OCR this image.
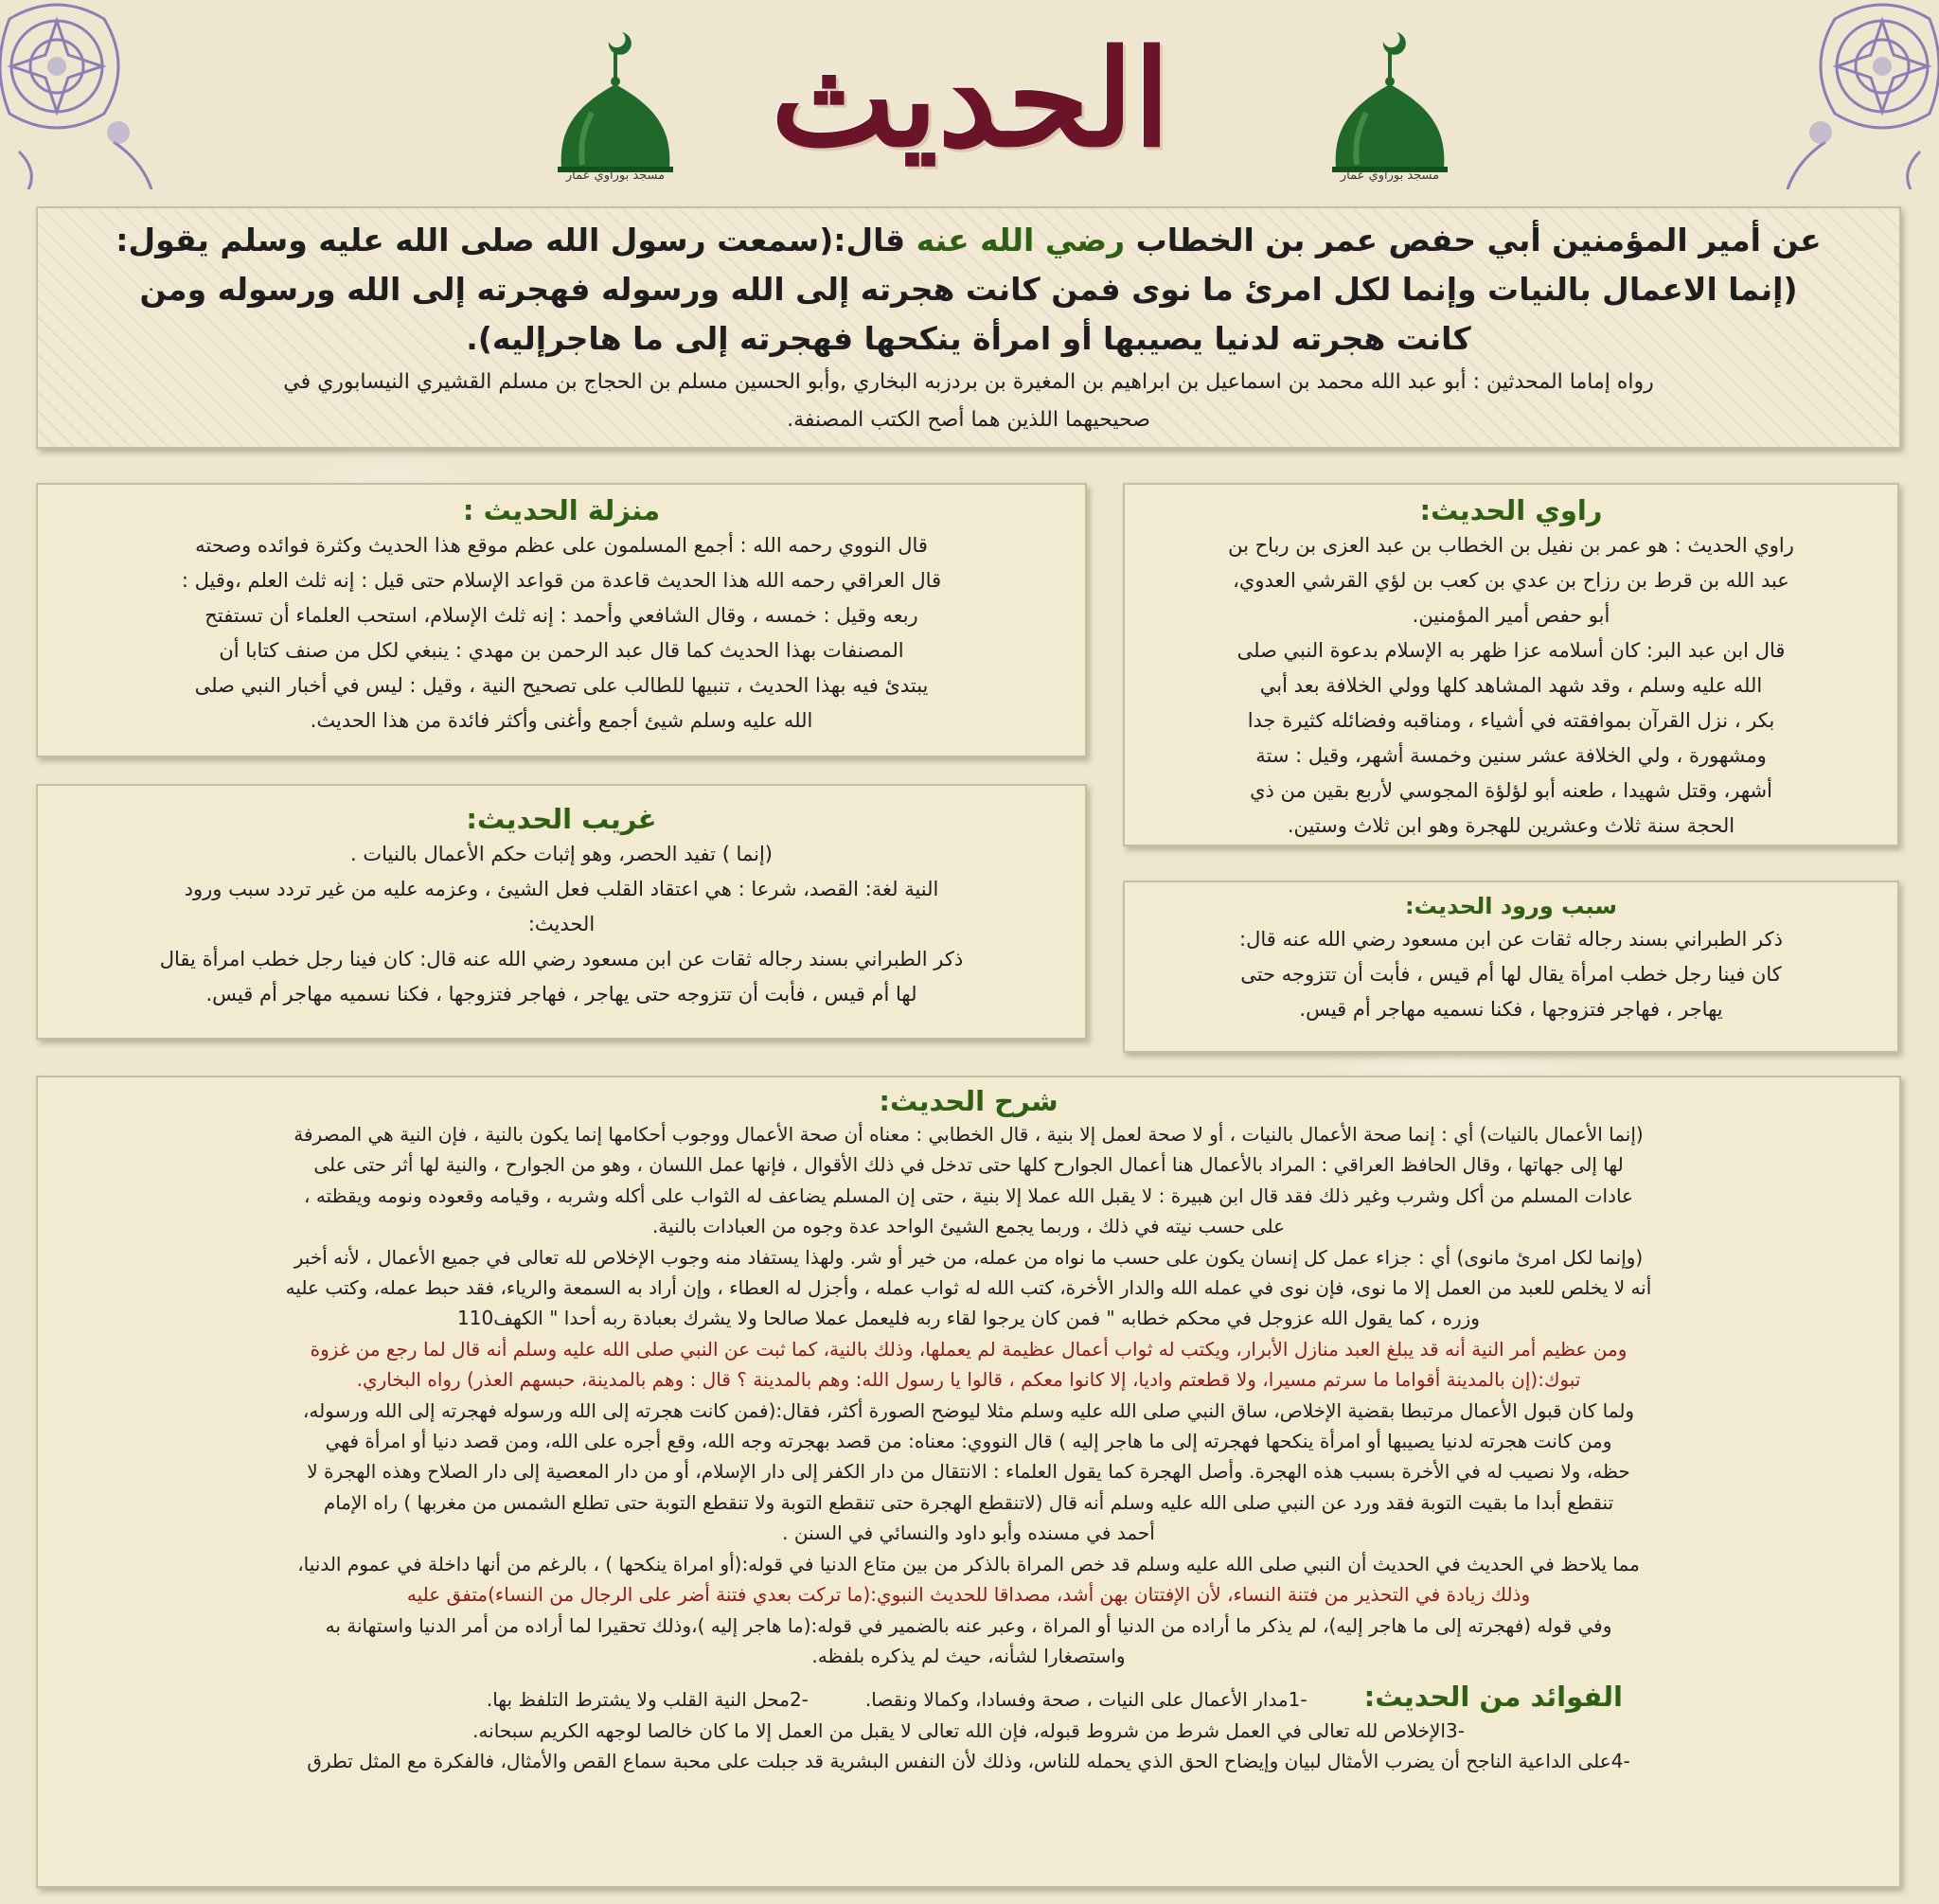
مسجد بوراوي عمار	مسجد بوراوي عمار
الحديث

عن أمير المؤمنين أبي حفص عمر بن الخطاب رضي الله عنه قال:(سمعت رسول الله صلى الله عليه وسلم يقول:

(إنما الاعمال بالنيات وإنما لكل امرئ ما نوى فمن كانت هجرته إلى الله ورسوله فهجرته إلى الله ورسوله ومن

كانت هجرته لدنيا يصيبها أو امرأة ينكحها فهجرته إلى ما هاجرإليه).

رواه إماما المحدثين : أبو عبد الله محمد بن اسماعيل بن ابراهيم بن المغيرة بن بردزبه البخاري ,وأبو الحسين مسلم بن الحجاج بن مسلم القشيري النيسابوري في

صحيحيهما اللذين هما أصح الكتب المصنفة.

راوي الحديث:

راوي الحديث : هو عمر بن نفيل بن الخطاب بن عبد العزى بن رباح بن

عبد الله بن قرط بن رزاح بن عدي بن كعب بن لؤي القرشي العدوي،

أبو حفص أمير المؤمنين.

قال ابن عبد البر: كان أسلامه عزا ظهر به الإسلام بدعوة النبي صلى

الله عليه وسلم ، وقد شهد المشاهد كلها وولي الخلافة بعد أبي

بكر ، نزل القرآن بموافقته في أشياء ، ومناقبه وفضائله كثيرة جدا

ومشهورة ، ولي الخلافة عشر سنين وخمسة أشهر، وقيل : ستة

أشهر، وقتل شهيدا ، طعنه أبو لؤلؤة المجوسي لأربع بقين من ذي

الحجة سنة ثلاث وعشرين للهجرة وهو ابن ثلاث وستين.

منزلة الحديث :

قال النووي رحمه الله : أجمع المسلمون على عظم موقع هذا الحديث وكثرة فوائده وصحته

قال العراقي رحمه الله هذا الحديث قاعدة من قواعد الإسلام حتى قيل : إنه ثلث العلم ،وقيل :

ربعه وقيل : خمسه ، وقال الشافعي وأحمد : إنه ثلث الإسلام، استحب العلماء أن تستفتح

المصنفات بهذا الحديث كما قال عبد الرحمن بن مهدي : ينبغي لكل من صنف كتابا أن

يبتدئ فيه بهذا الحديث ، تنبيها للطالب على تصحيح النية ، وقيل : ليس في أخبار النبي صلى

الله عليه وسلم شيئ أجمع وأغنى وأكثر فائدة من هذا الحديث.

غريب الحديث:

(إنما ) تفيد الحصر، وهو إثبات حكم الأعمال بالنيات .

النية لغة: القصد، شرعا : هي اعتقاد القلب فعل الشيئ ، وعزمه عليه من غير تردد سبب ورود

الحديث:

ذكر الطبراني بسند رجاله ثقات عن ابن مسعود رضي الله عنه قال: كان فينا رجل خطب امرأة يقال

لها أم قيس ، فأبت أن تتزوجه حتى يهاجر ، فهاجر فتزوجها ، فكنا نسميه مهاجر أم قيس.

سبب ورود الحديث:

ذكر الطبراني بسند رجاله ثقات عن ابن مسعود رضي الله عنه قال:

كان فينا رجل خطب امرأة يقال لها أم قيس ، فأبت أن تتزوجه حتى

يهاجر ، فهاجر فتزوجها ، فكنا نسميه مهاجر أم قيس.

شرح الحديث:

(إنما الأعمال بالنيات) أي : إنما صحة الأعمال بالنيات ، أو لا صحة لعمل إلا بنية ، قال الخطابي : معناه أن صحة الأعمال ووجوب أحكامها إنما يكون بالنية ، فإن النية هي المصرفة

لها إلى جهاتها ، وقال الحافظ العراقي : المراد بالأعمال هنا أعمال الجوارح كلها حتى تدخل في ذلك الأقوال ، فإنها عمل اللسان ، وهو من الجوارح ، والنية لها أثر حتى على

عادات المسلم من أكل وشرب وغير ذلك فقد قال ابن هبيرة : لا يقبل الله عملا إلا بنية ، حتى إن المسلم يضاعف له الثواب على أكله وشربه ، وقيامه وقعوده ونومه ويقظته ،

على حسب نيته في ذلك ، وربما يجمع الشيئ الواحد عدة وجوه من العبادات بالنية.

(وإنما لكل امرئ مانوى) أي : جزاء عمل كل إنسان يكون على حسب ما نواه من عمله، من خير أو شر. ولهذا يستفاد منه وجوب الإخلاص لله تعالى في جميع الأعمال ، لأنه أخبر

أنه لا يخلص للعبد من العمل إلا ما نوى، فإن نوى في عمله الله والدار الأخرة، كتب الله له ثواب عمله ، وأجزل له العطاء ، وإن أراد به السمعة والرياء، فقد حبط عمله، وكتب عليه

وزره ، كما يقول الله عزوجل في محكم خطابه " فمن كان يرجوا لقاء ربه فليعمل عملا صالحا ولا يشرك بعبادة ربه أحدا " الكهف110

ومن عظيم أمر النية أنه قد يبلغ العبد منازل الأبرار، ويكتب له ثواب أعمال عظيمة لم يعملها، وذلك بالنية، كما ثبت عن النبي صلى الله عليه وسلم أنه قال لما رجع من غزوة

تبوك:(إن بالمدينة أقواما ما سرتم مسيرا، ولا قطعتم واديا، إلا كانوا معكم ، قالوا يا رسول الله: وهم بالمدينة ؟ قال : وهم بالمدينة، حبسهم العذر) رواه البخاري.

ولما كان قبول الأعمال مرتبطا بقضية الإخلاص، ساق النبي صلى الله عليه وسلم مثلا ليوضح الصورة أكثر، فقال:(فمن كانت هجرته إلى الله ورسوله فهجرته إلى الله ورسوله،

ومن كانت هجرته لدنيا يصيبها أو امرأة ينكحها فهجرته إلى ما هاجر إليه ) قال النووي: معناه: من قصد بهجرته وجه الله، وقع أجره على الله، ومن قصد دنيا أو امرأة فهي

حظه، ولا نصيب له في الأخرة بسبب هذه الهجرة. وأصل الهجرة كما يقول العلماء : الانتقال من دار الكفر إلى دار الإسلام، أو من دار المعصية إلى دار الصلاح وهذه الهجرة لا

تنقطع أبدا ما بقيت التوبة فقد ورد عن النبي صلى الله عليه وسلم أنه قال (لاتنقطع الهجرة حتى تنقطع التوبة ولا تنقطع التوبة حتى تطلع الشمس من مغربها ) راه الإمام

أحمد في مسنده وأبو داود والنسائي في السنن .

مما يلاحظ في الحديث في الحديث أن النبي صلى الله عليه وسلم قد خص المراة بالذكر من بين متاع الدنيا في قوله:(أو امراة ينكحها ) ، بالرغم من أنها داخلة في عموم الدنيا،

وذلك زيادة في التحذير من فتنة النساء، لأن الإفتتان بهن أشد، مصداقا للحديث النبوي:(ما تركت بعدي فتنة أضر على الرجال من النساء)متفق عليه

وفي قوله (فهجرته إلى ما هاجر إليه)، لم يذكر ما أراده من الدنيا أو المراة ، وعبر عنه بالضمير في قوله:(ما هاجر إليه )،وذلك تحقيرا لما أراده من أمر الدنيا واستهانة به

واستصغارا لشأنه، حيث لم يذكره بلفظه.

الفوائد من الحديث:
-1مدار الأعمال على النيات ، صحة وفسادا، وكمالا ونقصا.
-2محل النية القلب ولا يشترط التلفظ بها.

-3الإخلاص لله تعالى في العمل شرط من شروط قبوله، فإن الله تعالى لا يقبل من العمل إلا ما كان خالصا لوجهه الكريم سبحانه.

-4على الداعية الناجح أن يضرب الأمثال لبيان وإيضاح الحق الذي يحمله للناس، وذلك لأن النفس البشرية قد جبلت على محبة سماع القص والأمثال، فالفكرة مع المثل تطرق
